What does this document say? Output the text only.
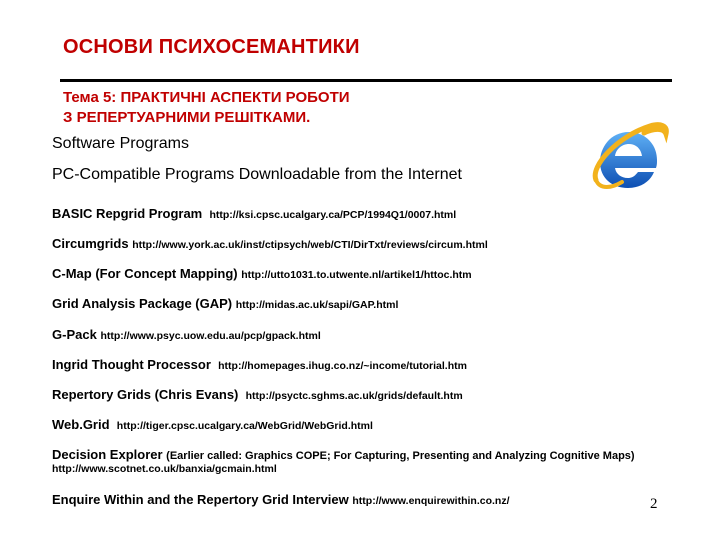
ОСНОВИ ПСИХОСЕМАНТИКИ
Тема 5: ПРАКТИЧНІ АСПЕКТИ РОБОТИ
З РЕПЕРТУАРНИМИ РЕШІТКАМИ.
Software Programs
PC-Compatible Programs Downloadable from the Internet
BASIC Repgrid Program http://ksi.cpsc.ucalgary.ca/PCP/1994Q1/0007.html
Circumgrids http://www.york.ac.uk/inst/ctipsych/web/CTI/DirTxt/reviews/circum.html
C-Map (For Concept Mapping) http://utto1031.to.utwente.nl/artikel1/httoc.htm
Grid Analysis Package (GAP) http://midas.ac.uk/sapi/GAP.html
G-Pack http://www.psyc.uow.edu.au/pcp/gpack.html
Ingrid Thought Processor http://homepages.ihug.co.nz/~income/tutorial.htm
Repertory Grids (Chris Evans) http://psyctc.sghms.ac.uk/grids/default.htm
Web.Grid http://tiger.cpsc.ucalgary.ca/WebGrid/WebGrid.html
Decision Explorer (Earlier called: Graphics COPE; For Capturing, Presenting and Analyzing Cognitive Maps)
http://www.scotnet.co.uk/banxia/gcmain.html
Enquire Within and the Repertory Grid Interview http://www.enquirewithin.co.nz/	2
